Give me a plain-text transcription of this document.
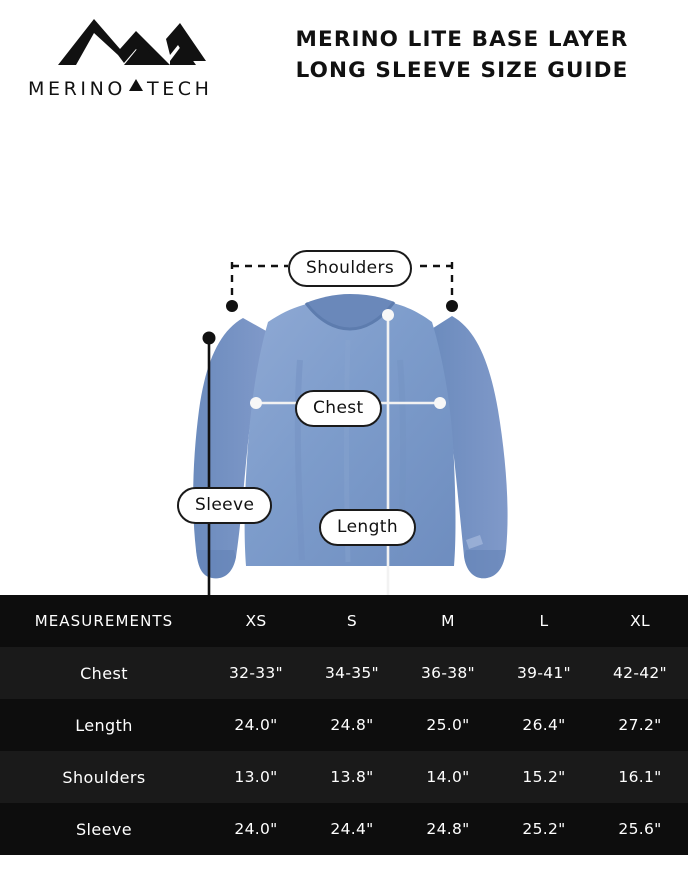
MERINO TECH
MERINO LITE BASE LAYER
LONG SLEEVE SIZE GUIDE
Shoulders
Chest
Sleeve
Length
MEASUREMENTS	XS	S	M	L	XL
Chest	32-33"	34-35"	36-38"	39-41"	42-42"
Length	24.0"	24.8"	25.0"	26.4"	27.2"
Shoulders	13.0"	13.8"	14.0"	15.2"	16.1"
Sleeve	24.0"	24.4"	24.8"	25.2"	25.6"
